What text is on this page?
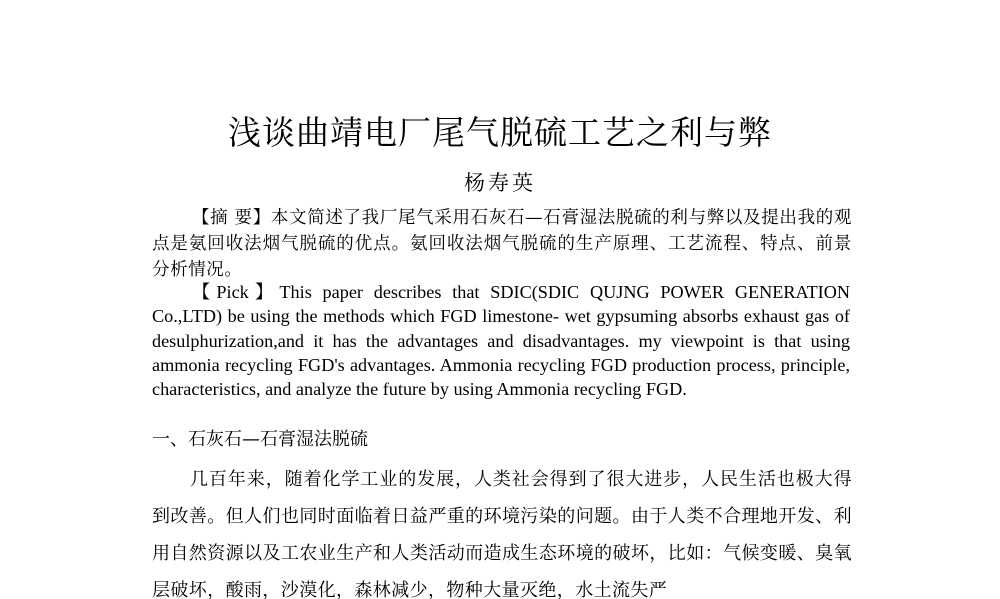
浅谈曲靖电厂尾气脱硫工艺之利与弊
杨寿英
【摘 要】本文简述了我厂尾气采用石灰石—石膏湿法脱硫的利与弊以及提出我的观点是氨回收法烟气脱硫的优点。氨回收法烟气脱硫的生产原理、工艺流程、特点、前景分析情况。
【Pick】This paper describes that SDIC(SDIC QUJNG POWER GENERATION Co.,LTD) be using the methods which FGD limestone- wet gypsuming absorbs exhaust gas of desulphurization,and it has the advantages and disadvantages. my viewpoint is that using ammonia recycling FGD's advantages. Ammonia recycling FGD production process, principle, characteristics, and analyze the future by using Ammonia recycling FGD.
一、石灰石—石膏湿法脱硫
几百年来，随着化学工业的发展，人类社会得到了很大进步，人民生活也极大得到改善。但人们也同时面临着日益严重的环境污染的问题。由于人类不合理地开发、利用自然资源以及工农业生产和人类活动而造成生态环境的破坏，比如：气候变暖、臭氧层破坏，酸雨，沙漠化，森林减少，物种大量灭绝，水土流失严
